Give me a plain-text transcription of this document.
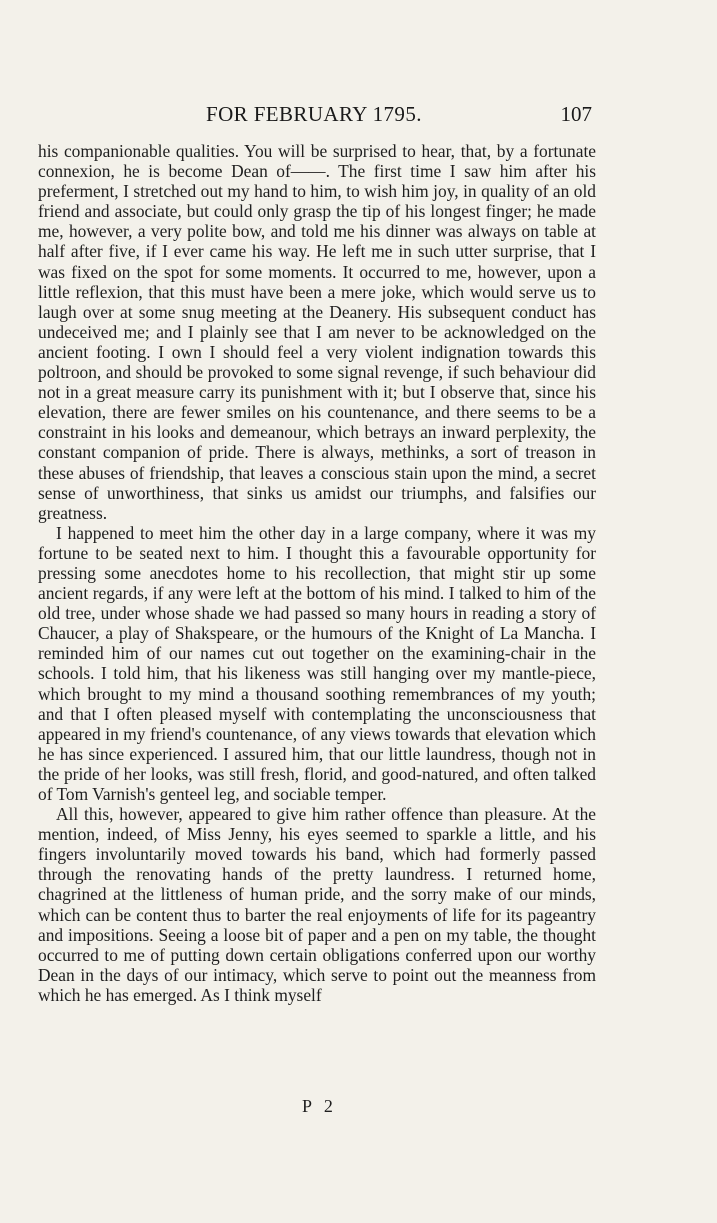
FOR FEBRUARY 1795.	107

his companionable qualities. You will be surprised to hear, that, by a fortunate connexion, he is become Dean of——. The first time I saw him after his preferment, I stretched out my hand to him, to wish him joy, in quality of an old friend and associate, but could only grasp the tip of his longest finger; he made me, however, a very polite bow, and told me his dinner was always on table at half after five, if I ever came his way. He left me in such utter surprise, that I was fixed on the spot for some moments. It occurred to me, however, upon a little reflexion, that this must have been a mere joke, which would serve us to laugh over at some snug meeting at the Deanery. His subsequent conduct has undeceived me; and I plainly see that I am never to be acknowledged on the ancient footing. I own I should feel a very violent indignation towards this poltroon, and should be provoked to some signal revenge, if such behaviour did not in a great measure carry its punishment with it; but I observe that, since his elevation, there are fewer smiles on his countenance, and there seems to be a constraint in his looks and demeanour, which betrays an inward perplexity, the constant companion of pride. There is always, methinks, a sort of treason in these abuses of friendship, that leaves a conscious stain upon the mind, a secret sense of unworthiness, that sinks us amidst our triumphs, and falsifies our greatness.

I happened to meet him the other day in a large company, where it was my fortune to be seated next to him. I thought this a favourable opportunity for pressing some anecdotes home to his recollection, that might stir up some ancient regards, if any were left at the bottom of his mind. I talked to him of the old tree, under whose shade we had passed so many hours in reading a story of Chaucer, a play of Shakspeare, or the humours of the Knight of La Mancha. I reminded him of our names cut out together on the examining-chair in the schools. I told him, that his likeness was still hanging over my mantle-piece, which brought to my mind a thousand soothing remembrances of my youth; and that I often pleased myself with contemplating the unconsciousness that appeared in my friend's countenance, of any views towards that elevation which he has since experienced. I assured him, that our little laundress, though not in the pride of her looks, was still fresh, florid, and good-natured, and often talked of Tom Varnish's genteel leg, and sociable temper.

All this, however, appeared to give him rather offence than pleasure. At the mention, indeed, of Miss Jenny, his eyes seemed to sparkle a little, and his fingers involuntarily moved towards his band, which had formerly passed through the renovating hands of the pretty laundress. I returned home, chagrined at the littleness of human pride, and the sorry make of our minds, which can be content thus to barter the real enjoyments of life for its pageantry and impositions. Seeing a loose bit of paper and a pen on my table, the thought occurred to me of putting down certain obligations conferred upon our worthy Dean in the days of our intimacy, which serve to point out the meanness from which he has emerged. As I think myself

P 2
